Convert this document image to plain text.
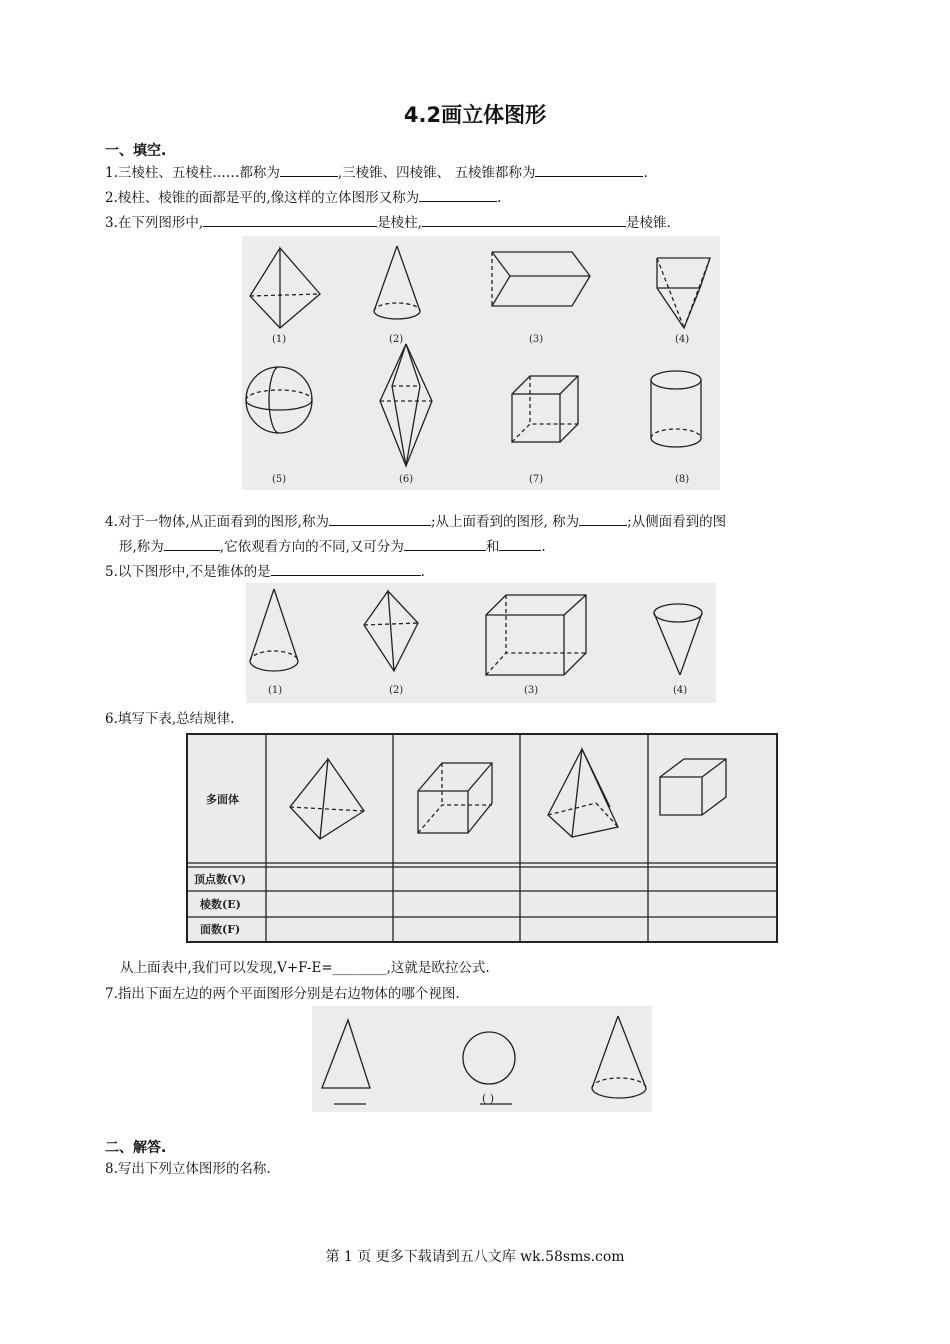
4.2画立体图形
一、填空.
1.三棱柱、五棱柱……都称为	,三棱锥、四棱锥、 五棱锥都称为	.
2.棱柱、棱锥的面都是平的,像这样的立体图形又称为	.
3.在下列图形中,	是棱柱,	是棱锥.
(1)	(2)	(3)	(4)
(5)	(6)	(7)	(8)
4.对于一物体,从正面看到的图形,称为	;从上面看到的图形, 称为	;从侧面看到的图
形,称为	,它依观看方向的不同,又可分为	和	.
5.以下图形中,不是锥体的是	.
(1)	(2)	(3)	(4)
6.填写下表,总结规律.
多面体
顶点数(V)
棱数(E)
面数(F)
从上面表中,我们可以发现,V+F-E=________,这就是欧拉公式.
7.指出下面左边的两个平面图形分别是右边物体的哪个视图.
( )
二、解答.
8.写出下列立体图形的名称.
第 1 页 更多下载请到五八文库 wk.58sms.com
